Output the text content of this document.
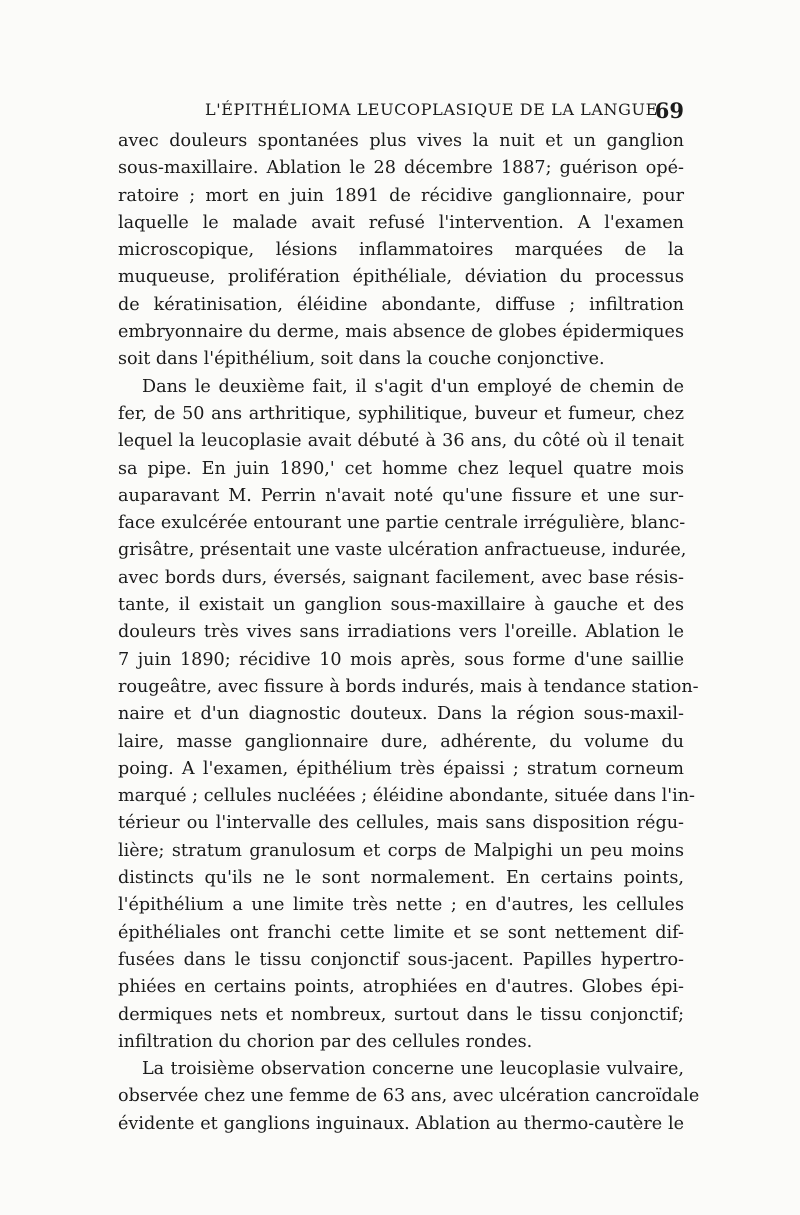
L'ÉPITHÉLIOMA LEUCOPLASIQUE DE LA LANGUE
69
avec douleurs spontanées plus vives la nuit et un ganglion
sous-maxillaire. Ablation le 28 décembre 1887; guérison opé-
ratoire ; mort en juin 1891 de récidive ganglionnaire, pour
laquelle le malade avait refusé l'intervention. A l'examen
microscopique, lésions inflammatoires marquées de la
muqueuse, prolifération épithéliale, déviation du processus
de kératinisation, éléidine abondante, diffuse ; infiltration
embryonnaire du derme, mais absence de globes épidermiques
soit dans l'épithélium, soit dans la couche conjonctive.
Dans le deuxième fait, il s'agit d'un employé de chemin de
fer, de 50 ans arthritique, syphilitique, buveur et fumeur, chez
lequel la leucoplasie avait débuté à 36 ans, du côté où il tenait
sa pipe. En juin 1890,' cet homme chez lequel quatre mois
auparavant M. Perrin n'avait noté qu'une fissure et une sur-
face exulcérée entourant une partie centrale irrégulière, blanc-
grisâtre, présentait une vaste ulcération anfractueuse, indurée,
avec bords durs, éversés, saignant facilement, avec base résis-
tante, il existait un ganglion sous-maxillaire à gauche et des
douleurs très vives sans irradiations vers l'oreille. Ablation le
7 juin 1890; récidive 10 mois après, sous forme d'une saillie
rougeâtre, avec fissure à bords indurés, mais à tendance station-
naire et d'un diagnostic douteux. Dans la région sous-maxil-
laire, masse ganglionnaire dure, adhérente, du volume du
poing. A l'examen, épithélium très épaissi ; stratum corneum
marqué ; cellules nucléées ; éléidine abondante, située dans l'in-
térieur ou l'intervalle des cellules, mais sans disposition régu-
lière; stratum granulosum et corps de Malpighi un peu moins
distincts qu'ils ne le sont normalement. En certains points,
l'épithélium a une limite très nette ; en d'autres, les cellules
épithéliales ont franchi cette limite et se sont nettement dif-
fusées dans le tissu conjonctif sous-jacent. Papilles hypertro-
phiées en certains points, atrophiées en d'autres. Globes épi-
dermiques nets et nombreux, surtout dans le tissu conjonctif;
infiltration du chorion par des cellules rondes.
La troisième observation concerne une leucoplasie vulvaire,
observée chez une femme de 63 ans, avec ulcération cancroïdale
évidente et ganglions inguinaux. Ablation au thermo-cautère le
